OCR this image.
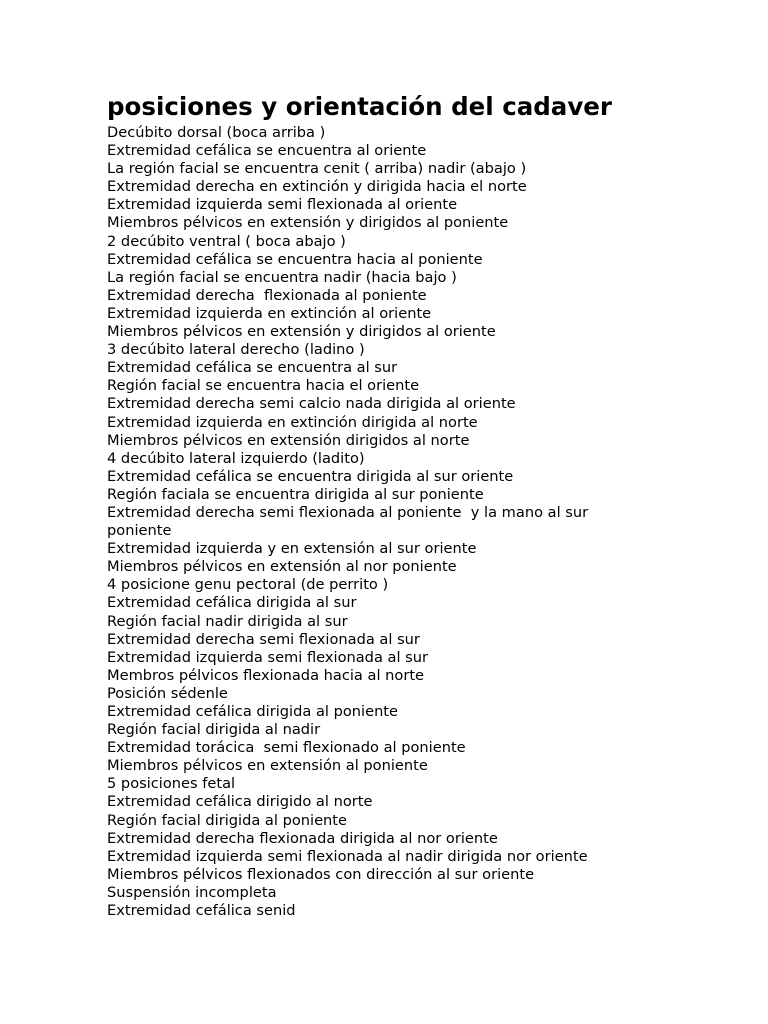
posiciones y orientación del cadaver
Decúbito dorsal (boca arriba )
Extremidad cefálica se encuentra al oriente
La región facial se encuentra cenit ( arriba) nadir (abajo )
Extremidad derecha en extinción y dirigida hacia el norte
Extremidad izquierda semi flexionada al oriente
Miembros pélvicos en extensión y dirigidos al poniente
2 decúbito ventral ( boca abajo )
Extremidad cefálica se encuentra hacia al poniente
La región facial se encuentra nadir (hacia bajo )
Extremidad derecha  flexionada al poniente
Extremidad izquierda en extinción al oriente
Miembros pélvicos en extensión y dirigidos al oriente
3 decúbito lateral derecho (ladino )
Extremidad cefálica se encuentra al sur
Región facial se encuentra hacia el oriente
Extremidad derecha semi calcio nada dirigida al oriente
Extremidad izquierda en extinción dirigida al norte
Miembros pélvicos en extensión dirigidos al norte
4 decúbito lateral izquierdo (ladito)
Extremidad cefálica se encuentra dirigida al sur oriente
Región faciala se encuentra dirigida al sur poniente
Extremidad derecha semi flexionada al poniente  y la mano al sur
poniente
Extremidad izquierda y en extensión al sur oriente
Miembros pélvicos en extensión al nor poniente
4 posicione genu pectoral (de perrito )
Extremidad cefálica dirigida al sur
Región facial nadir dirigida al sur
Extremidad derecha semi flexionada al sur
Extremidad izquierda semi flexionada al sur
Membros pélvicos flexionada hacia al norte
Posición sédenle
Extremidad cefálica dirigida al poniente
Región facial dirigida al nadir
Extremidad torácica  semi flexionado al poniente
Miembros pélvicos en extensión al poniente
5 posiciones fetal
Extremidad cefálica dirigido al norte
Región facial dirigida al poniente
Extremidad derecha flexionada dirigida al nor oriente
Extremidad izquierda semi flexionada al nadir dirigida nor oriente
Miembros pélvicos flexionados con dirección al sur oriente
Suspensión incompleta
Extremidad cefálica senid
